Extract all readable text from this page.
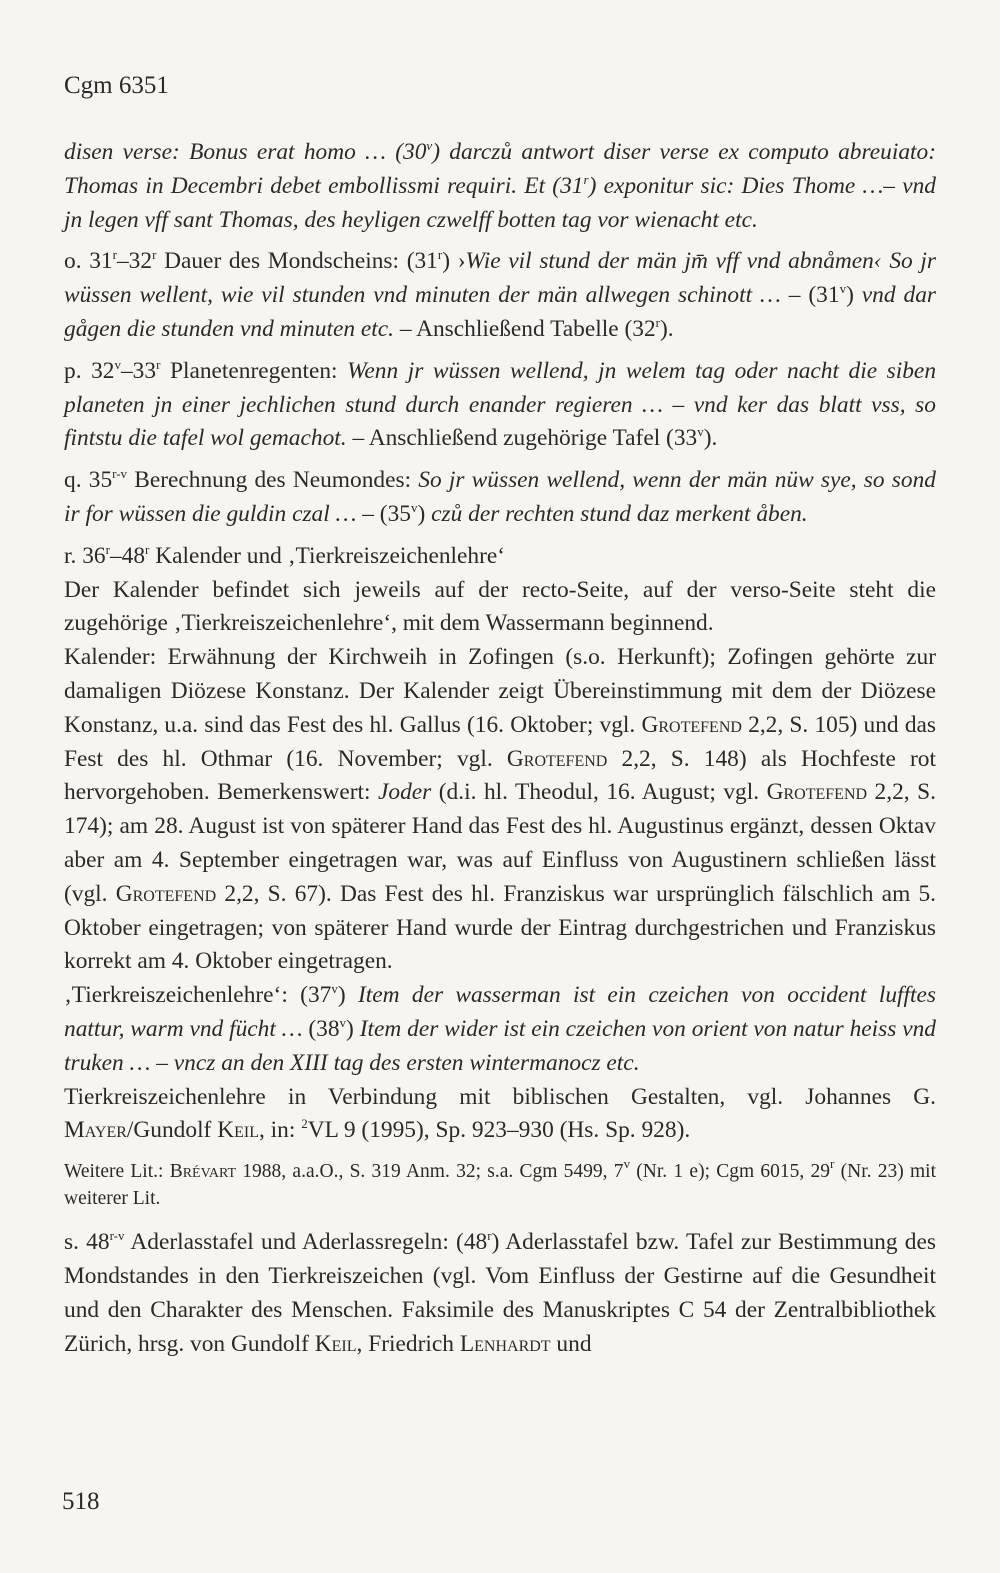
Cgm 6351

disen verse: Bonus erat homo … (30$^v$) darczů antwort diser verse ex computo abreuiato: Thomas in Decembri debet embollissmi requiri. Et (31$^r$) exponitur sic: Dies Thome …– vnd jn legen vff sant Thomas, des heyligen czwelff botten tag vor wienacht etc.

o. 31$^r$–32$^r$ Dauer des Mondscheins: (31$^r$) ›Wie vil stund der män jm̄ vff vnd abnåmen‹ So jr wüssen wellent, wie vil stunden vnd minuten der män allwegen schinott … – (31$^v$) vnd dar gågen die stunden vnd minuten etc. – Anschließend Tabelle (32$^r$).

p. 32$^v$–33$^r$ Planetenregenten: Wenn jr wüssen wellend, jn welem tag oder nacht die siben planeten jn einer jechlichen stund durch enander regieren … – vnd ker das blatt vss, so fintstu die tafel wol gemachot. – Anschließend zugehörige Tafel (33$^v$).

q. 35$^{r-v}$ Berechnung des Neumondes: So jr wüssen wellend, wenn der män nüw sye, so sond ir for wüssen die guldin czal … – (35$^v$) czů der rechten stund daz merkent åben.

r. 36$^r$–48$^r$ Kalender und ‚Tierkreiszeichenlehre‘

Der Kalender befindet sich jeweils auf der recto-Seite, auf der verso-Seite steht die zugehörige ‚Tierkreiszeichenlehre‘, mit dem Wassermann beginnend.

Kalender: Erwähnung der Kirchweih in Zofingen (s.o. Herkunft); Zofingen gehörte zur damaligen Diözese Konstanz. Der Kalender zeigt Übereinstimmung mit dem der Diözese Konstanz, u.a. sind das Fest des hl. Gallus (16. Oktober; vgl. Grotefend 2,2, S. 105) und das Fest des hl. Othmar (16. November; vgl. Grotefend 2,2, S. 148) als Hochfeste rot hervorgehoben. Bemerkenswert: Joder (d.i. hl. Theodul, 16. August; vgl. Grotefend 2,2, S. 174); am 28. August ist von späterer Hand das Fest des hl. Augustinus ergänzt, dessen Oktav aber am 4. September eingetragen war, was auf Einfluss von Augustinern schließen lässt (vgl. Grotefend 2,2, S. 67). Das Fest des hl. Franziskus war ursprünglich fälschlich am 5. Oktober eingetragen; von späterer Hand wurde der Eintrag durchgestrichen und Franziskus korrekt am 4. Oktober eingetragen.

‚Tierkreiszeichenlehre‘: (37$^v$) Item der wasserman ist ein czeichen von occident lufftes nattur, warm vnd fücht … (38$^v$) Item der wider ist ein czeichen von orient von natur heiss vnd truken … – vncz an den XIII tag des ersten wintermanocz etc.

Tierkreiszeichenlehre in Verbindung mit biblischen Gestalten, vgl. Johannes G. Mayer/Gundolf Keil, in: $^2$VL 9 (1995), Sp. 923–930 (Hs. Sp. 928).

Weitere Lit.: Brévart 1988, a.a.O., S. 319 Anm. 32; s.a. Cgm 5499, 7$^v$ (Nr. 1 e); Cgm 6015, 29$^r$ (Nr. 23) mit weiterer Lit.

s. 48$^{r-v}$ Aderlasstafel und Aderlassregeln: (48$^r$) Aderlasstafel bzw. Tafel zur Bestimmung des Mondstandes in den Tierkreiszeichen (vgl. Vom Einfluss der Gestirne auf die Gesundheit und den Charakter des Menschen. Faksimile des Manuskriptes C 54 der Zentralbibliothek Zürich, hrsg. von Gundolf Keil, Friedrich Lenhardt und

518
